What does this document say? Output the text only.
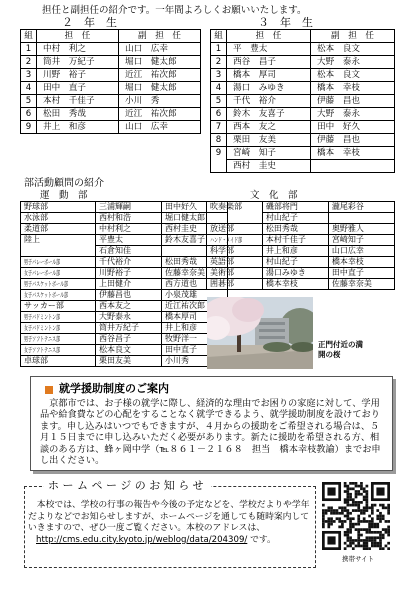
担任と副担任の紹介です。一年間よろしくお願いいたします。
２　年　生	３　年　生
組	担　任	副　担　任
1	中村　利之	山口　広幸
2	筒井　万紀子	堀口　健太郎
3	川野　裕子	近江　祐次郎
4	田中　直子	堀口　健太郎
5	本村　千佳子	小川　秀
6	松田　秀哉	近江　祐次郎
9	井上　和彦	山口　広幸
組	担　任	副　担　任
1	平　豊太	松本　良文
2	西谷　昌子	大野　泰永
3	橋本　厚司	松本　良文
4	湯口　みゆき	橋本　幸枝
5	千代　裕介	伊藤　昌也
6	鈴木　友喜子	大野　泰永
7	西本　友之	田中　好久
8	栗田　友美	伊藤　昌也
9	宮崎　知子	橋本　幸枝
	西村　圭史	
部活動顧問の紹介
運　動　部	文　化　部
野球部	三浦輝嗣	田中好久
水泳部	西村和浩	堀口健太郎
柔道部	中村利之	西村圭史
陸上	平豊太	鈴木友喜子
	石倉知佳	
男子バレーボール部	千代裕介	松田秀哉
女子バレーボール部	川野裕子	佐藤幸奈美
男子バスケットボール部	上田健介	西方道也
女子バスケットボール部	伊藤昌也	小泉茂雄
サッカー部	西本友之	近江祐次郎
男子バドミントン部	大野泰永	橋本厚司
女子バドミントン部	筒井万紀子	井上和彦
男子ソフトテニス部	西谷昌子	牧野洋一
女子ソフトテニス部	松本良文	田中直子
卓球部	栗田友美	小川秀
吹奏楽部	磯部将門	瀧尾彩谷
	村山紀子	
放送部	松田秀哉	奥野雅人
ハンド・メイド部	本村千佳子	宮崎知子
科学部	井上和彦	山口広幸
英語部	村山紀子	橋本幸枝
美術部	湯口みゆき	田中直子
囲碁部	橋本幸枝	佐藤幸奈美
正門付近の満開の桜
就学援助制度のご案内

京都市では、お子様の就学に際し、経済的な理由でお困りの家庭に対して、学用品や給食費などの心配をすることなく就学できるよう、就学援助制度を設けております。申し込みはいつでもできますが、４月からの援助をご希望される場合は、５月１５日までに申し込みいただく必要があります。新たに援助を希望される方、相談のある方は、蜂ヶ岡中学（℡８６１－２１６８　担当　橋本幸枝教諭）までお申し出ください。

ホームページのお知らせ

本校では、学校の行事の報告や今後の予定などを、学校だよりや学年だよりなどでお知らせしますが、ホームページを通しても随時案内していきますので、ぜひ一度ご覧ください。本校のアドレスは、

http://cms.edu.city.kyoto.jp/weblog/data/204309/ です。
携帯サイト
